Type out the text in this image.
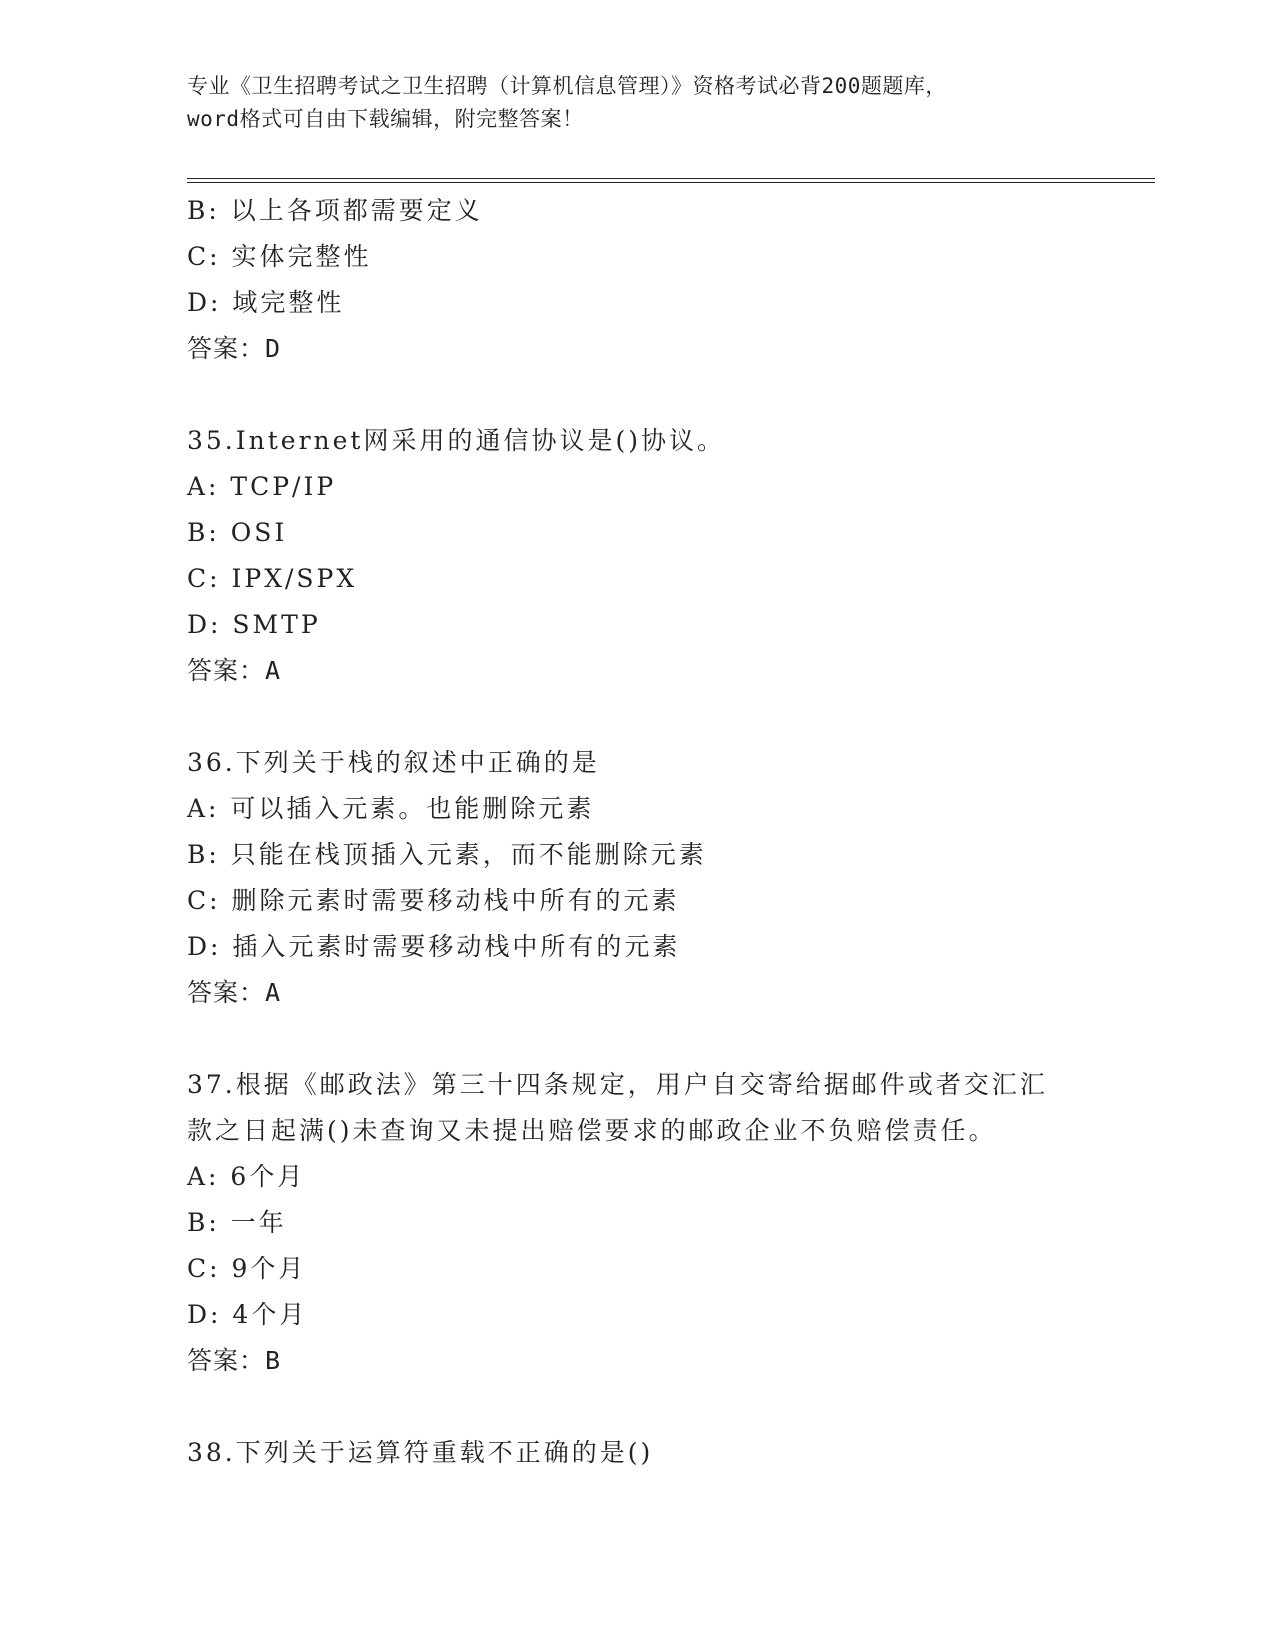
专业《卫生招聘考试之卫生招聘（计算机信息管理）》资格考试必背200题题库，
word格式可自由下载编辑，附完整答案！
B: 以上各项都需要定义
C: 实体完整性
D: 域完整性
答案：D
35.Internet网采用的通信协议是()协议。
A: TCP/IP
B: OSI
C: IPX/SPX
D: SMTP
答案：A
36.下列关于栈的叙述中正确的是
A: 可以插入元素。也能删除元素
B: 只能在栈顶插入元素，而不能删除元素
C: 删除元素时需要移动栈中所有的元素
D: 插入元素时需要移动栈中所有的元素
答案：A
37.根据《邮政法》第三十四条规定，用户自交寄给据邮件或者交汇汇
款之日起满()未查询又未提出赔偿要求的邮政企业不负赔偿责任。
A: 6个月
B: 一年
C: 9个月
D: 4个月
答案：B
38.下列关于运算符重载不正确的是()
